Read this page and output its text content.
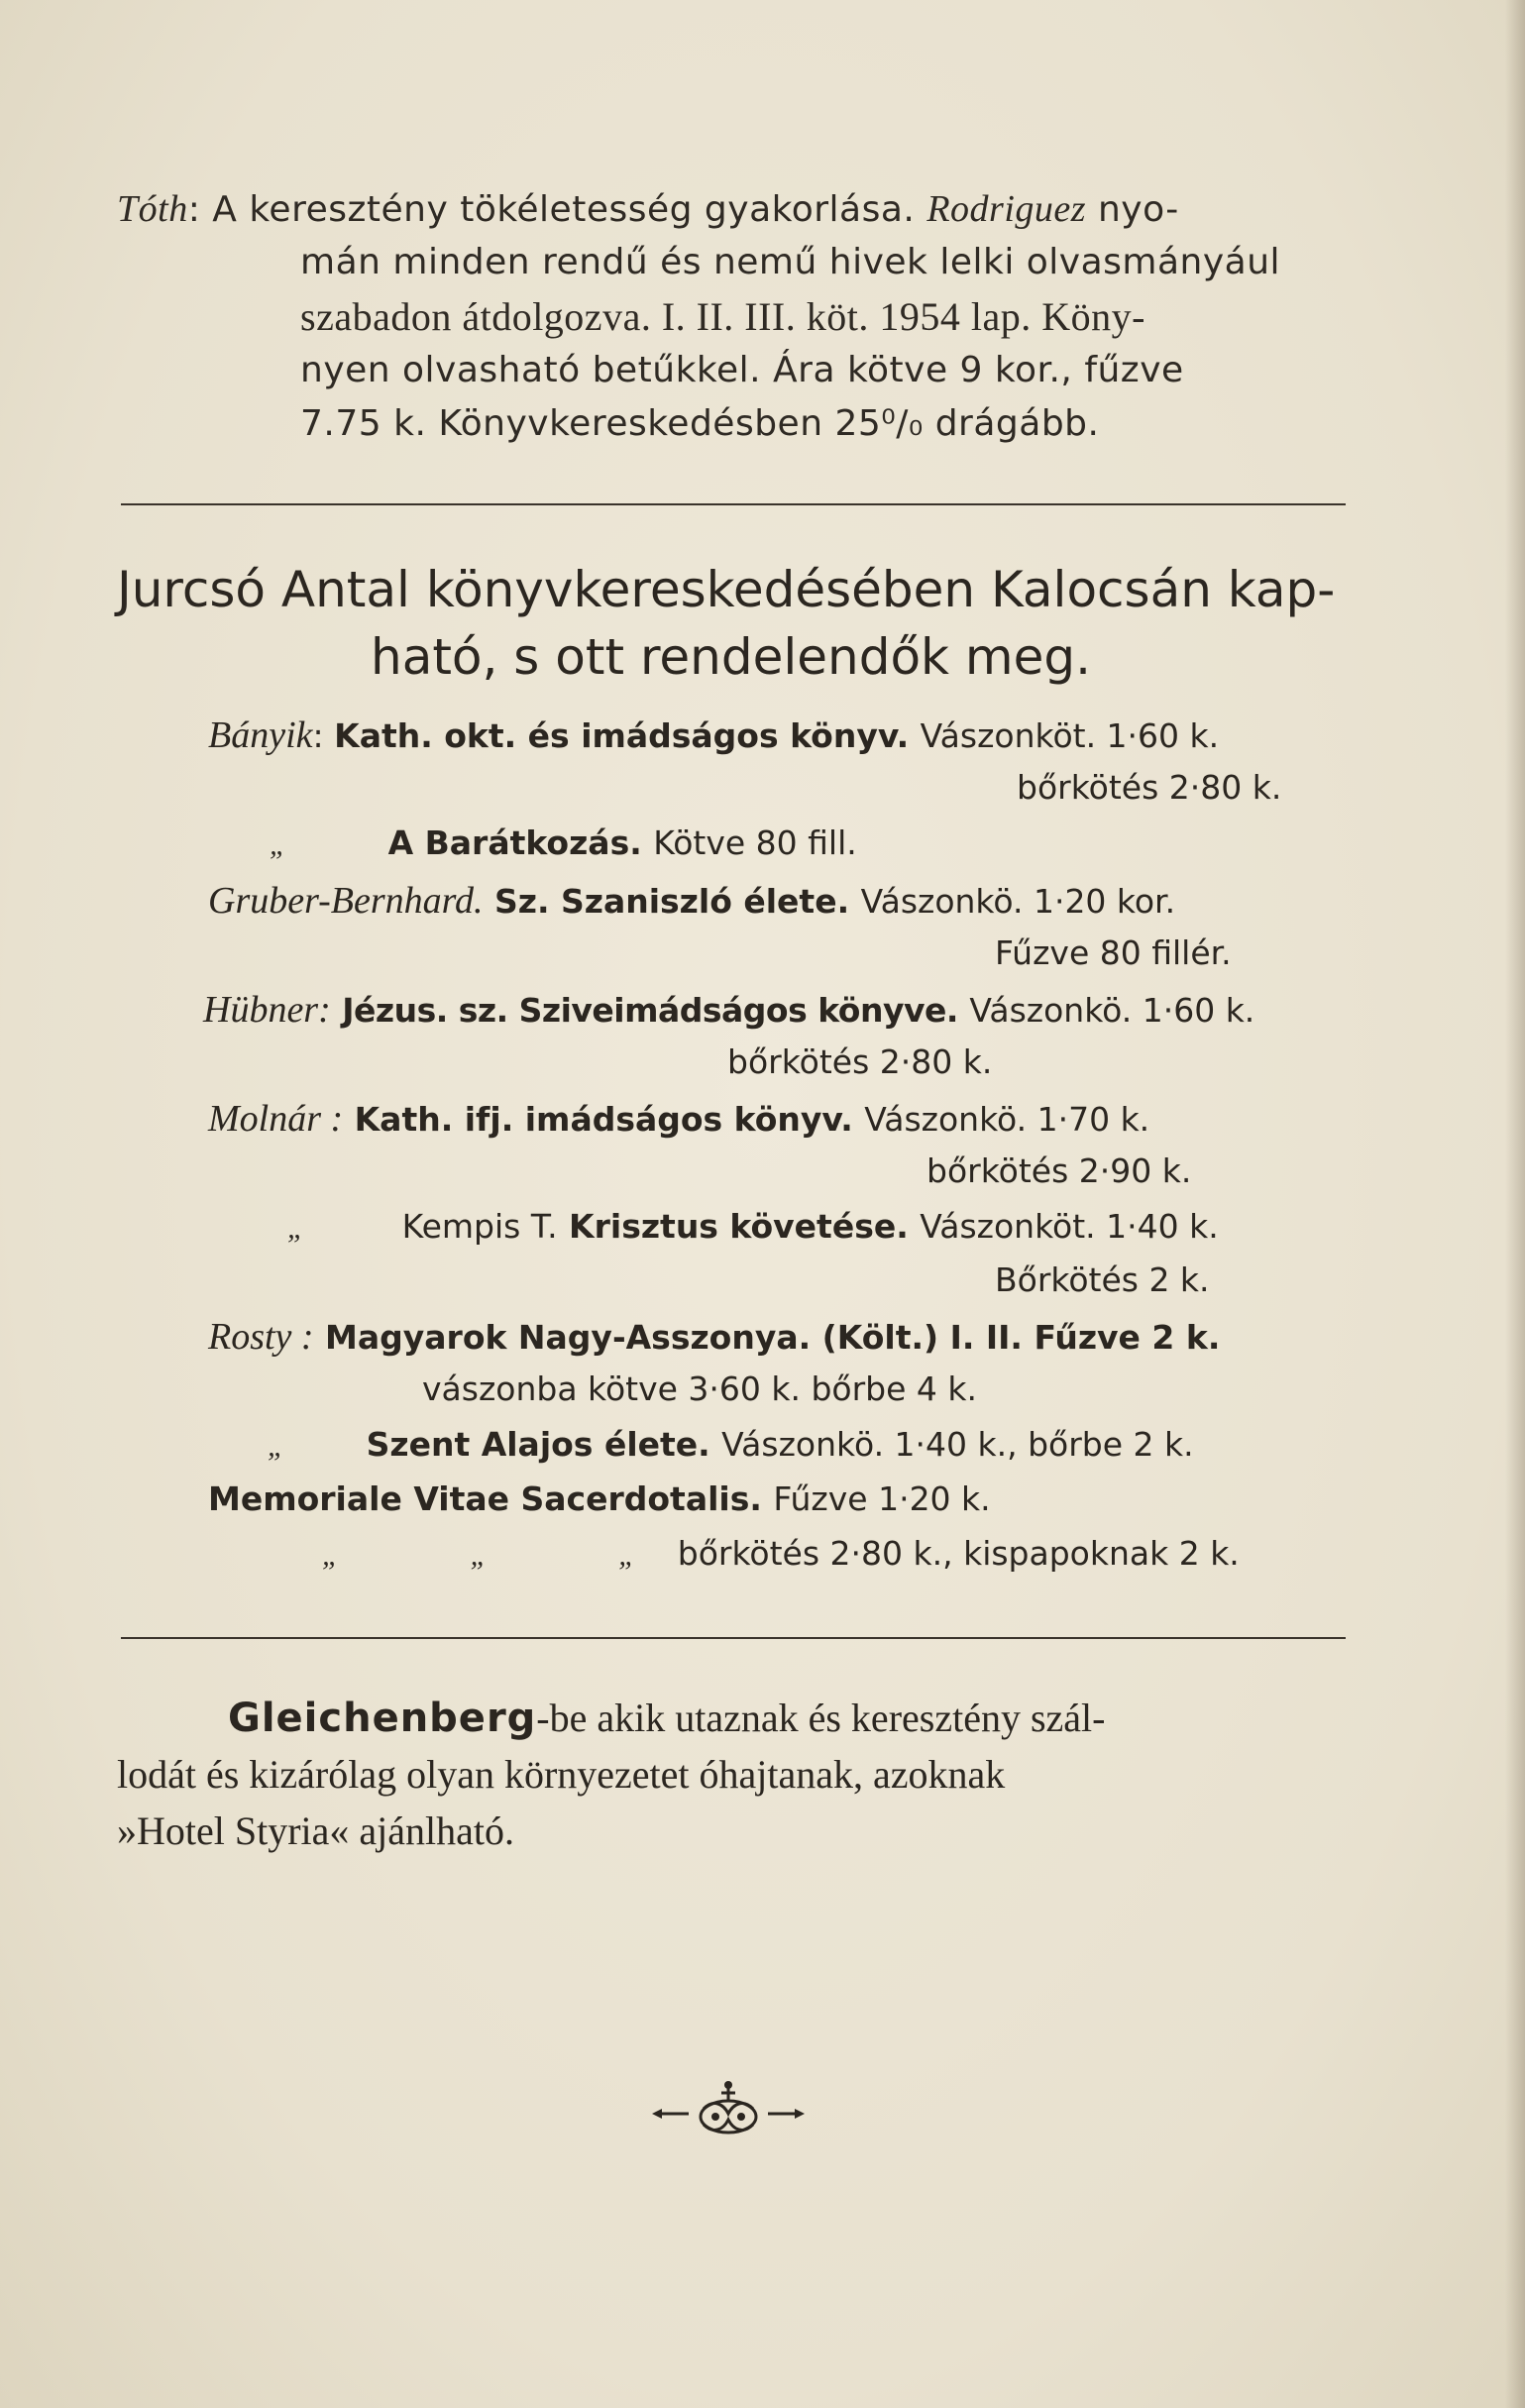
Tóth: A keresztény tökéletesség gyakorlása. Rodriguez nyo-
mán minden rendű és nemű hivek lelki olvasmányául
szabadon átdolgozva. I. II. III. köt. 1954 lap. Köny-
nyen olvasható betűkkel. Ára kötve 9 kor., fűzve
7.75 k. Könyvkereskedésben 25⁰/₀ drágább.
Jurcsó Antal könyvkereskedésében Kalocsán kap-
ható, s ott rendelendők meg.
Bányik: Kath. okt. és imádságos könyv. Vászonköt. 1·60 k.
bőrkötés 2·80 k.
„	A Barátkozás. Kötve 80 fill.
Gruber-Bernhard. Sz. Szaniszló élete. Vászonkö. 1·20 kor.
Fűzve 80 fillér.
Hübner: Jézus. sz. Sziveimádságos könyve. Vászonkö. 1·60 k.
bőrkötés 2·80 k.
Molnár : Kath. ifj. imádságos könyv. Vászonkö. 1·70 k.
bőrkötés 2·90 k.
„	Kempis T. Krisztus követése. Vászonköt. 1·40 k.
Bőrkötés 2 k.
Rosty : Magyarok Nagy-Asszonya. (Költ.) I. II. Fűzve 2 k.
vászonba kötve 3·60 k. bőrbe 4 k.
„	Szent Alajos élete. Vászonkö. 1·40 k., bőrbe 2 k.
Memoriale Vitae Sacerdotalis. Fűzve 1·20 k.
„	„	„ bőrkötés 2·80 k., kispapoknak 2 k.
Gleichenberg-be akik utaznak és keresztény szál-
lodát és kizárólag olyan környezetet óhajtanak, azoknak
»Hotel Styria« ajánlható.
